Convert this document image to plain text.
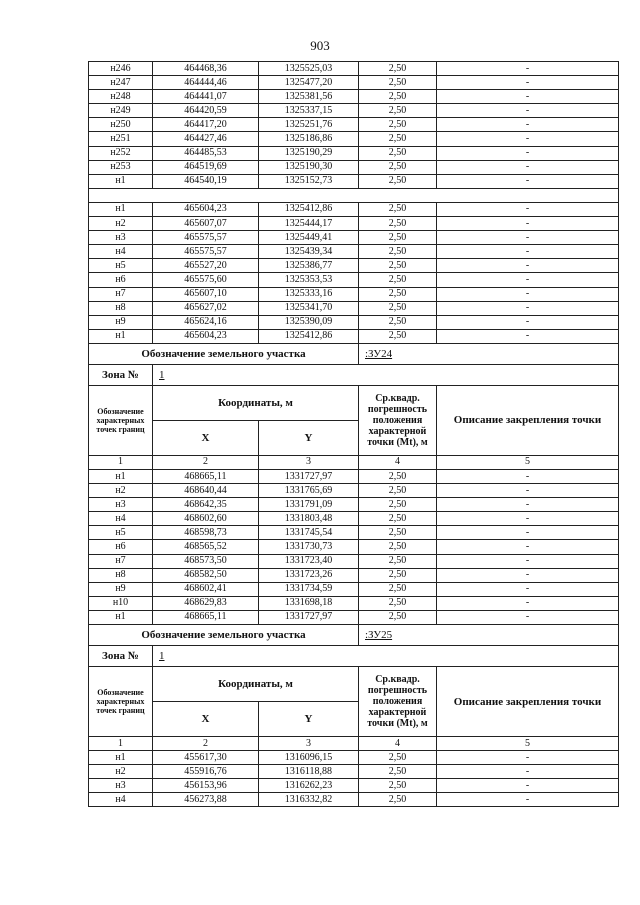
903
н246	464468,36	1325525,03	2,50	-
н247	464444,46	1325477,20	2,50	-
н248	464441,07	1325381,56	2,50	-
н249	464420,59	1325337,15	2,50	-
н250	464417,20	1325251,76	2,50	-
н251	464427,46	1325186,86	2,50	-
н252	464485,53	1325190,29	2,50	-
н253	464519,69	1325190,30	2,50	-
н1	464540,19	1325152,73	2,50	-

н1	465604,23	1325412,86	2,50	-
н2	465607,07	1325444,17	2,50	-
н3	465575,57	1325449,41	2,50	-
н4	465575,57	1325439,34	2,50	-
н5	465527,20	1325386,77	2,50	-
н6	465575,60	1325353,53	2,50	-
н7	465607,10	1325333,16	2,50	-
н8	465627,02	1325341,70	2,50	-
н9	465624,16	1325390,09	2,50	-
н1	465604,23	1325412,86	2,50	-
Обозначение земельного участка			:ЗУ24	
Зона №	1			
Обозначение характерных точек границ	Координаты, м		Ср.квадр. погрешность положения характерной точки (Mt), м	Описание закрепления точки
	X	Y		
1	2	3	4	5
н1	468665,11	1331727,97	2,50	-
н2	468640,44	1331765,69	2,50	-
н3	468642,35	1331791,09	2,50	-
н4	468602,60	1331803,48	2,50	-
н5	468598,73	1331745,54	2,50	-
н6	468565,52	1331730,73	2,50	-
н7	468573,50	1331723,40	2,50	-
н8	468582,50	1331723,26	2,50	-
н9	468602,41	1331734,59	2,50	-
н10	468629,83	1331698,18	2,50	-
н1	468665,11	1331727,97	2,50	-
Обозначение земельного участка			:ЗУ25	
Зона №	1			
Обозначение характерных точек границ	Координаты, м		Ср.квадр. погрешность положения характерной точки (Mt), м	Описание закрепления точки
	X	Y		
1	2	3	4	5
н1	455617,30	1316096,15	2,50	-
н2	455916,76	1316118,88	2,50	-
н3	456153,96	1316262,23	2,50	-
н4	456273,88	1316332,82	2,50	-
